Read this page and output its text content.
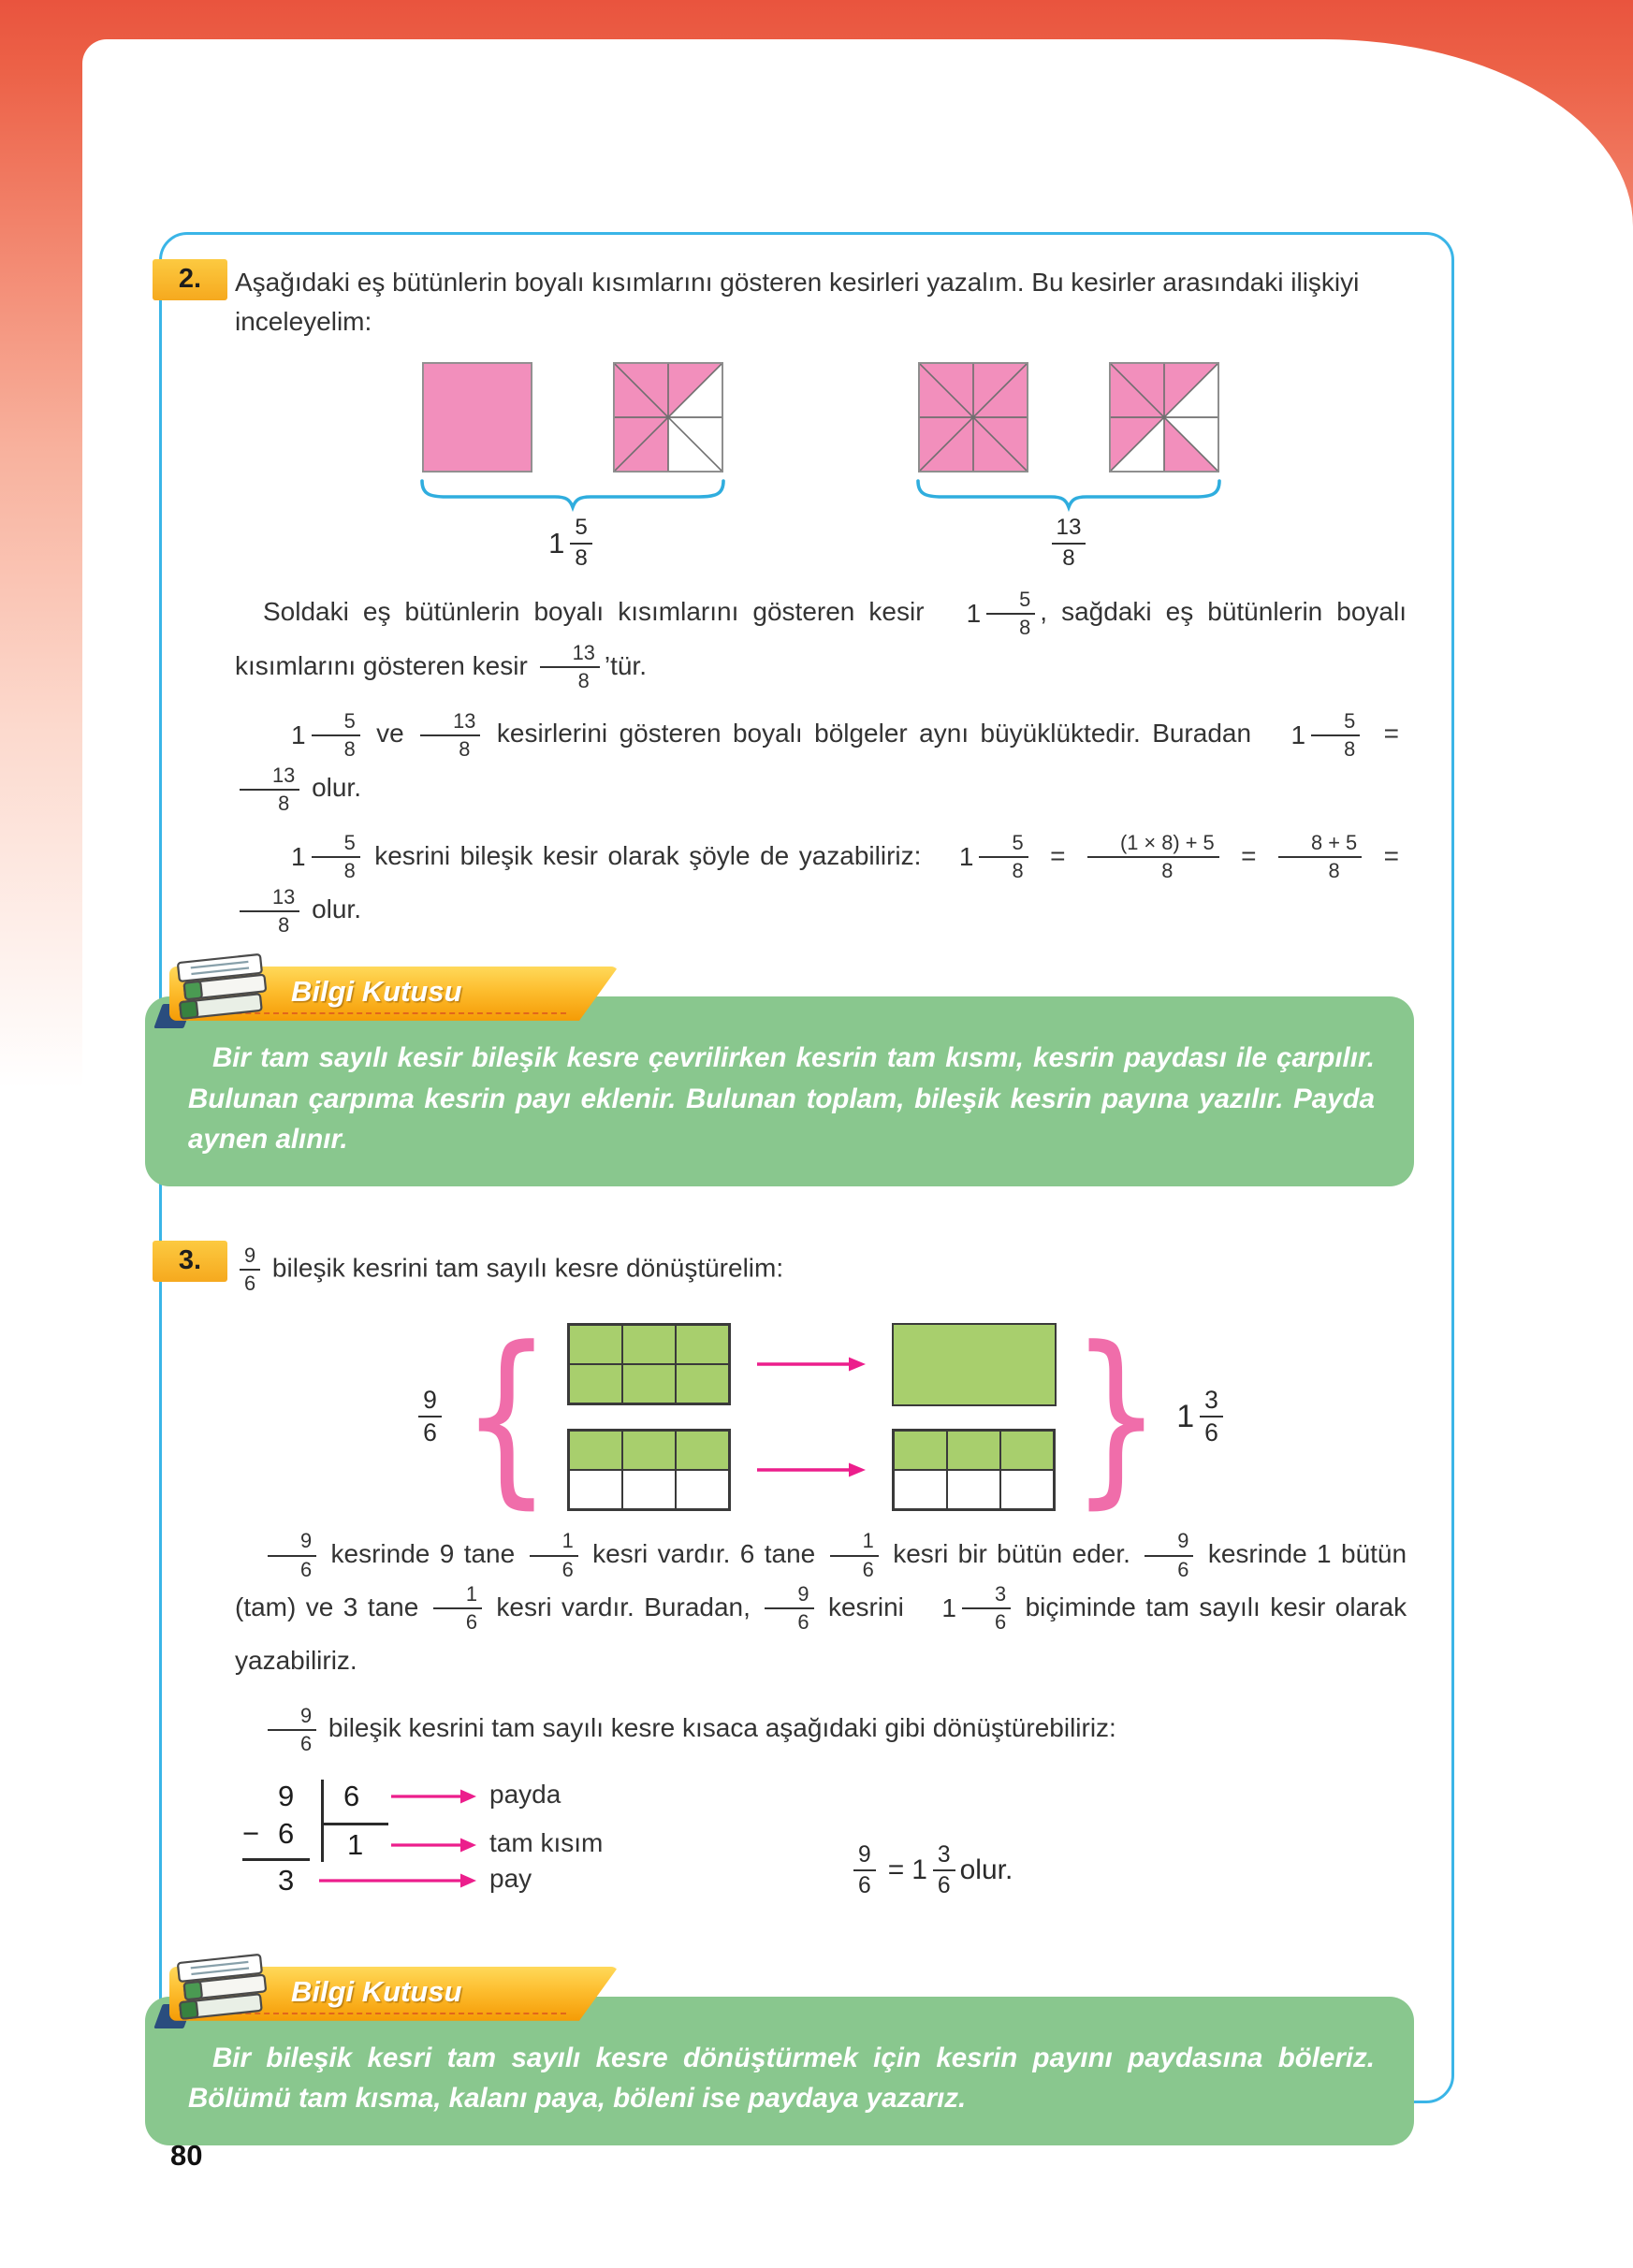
2.	Aşağıdaki eş bütünlerin boyalı kısımlarını gösteren kesirleri yazalım. Bu kesirler arasındaki ilişkiyi inceleyelim:

1 5
8	$\frac{13}{8}$

Soldaki eş bütünlerin boyalı kısımlarını gösteren kesir	1	5
8
, sağdaki eş bütünlerin boyalı kısımlarını gösteren kesir $\frac{13}{8}$ ’tür.

1	5
8
ve $\frac{13}{8}$ kesirlerini gösteren boyalı bölgeler aynı büyüklüktedir. Buradan	1	5
8
=
$\frac{13}{8}$ olur.

1	5
8
kesrini bileşik kesir olarak şöyle de yazabiliriz:	1	5
8
= $\frac{(1 \times 8) + 5}{8} = \frac{8 + 5}{8}$ =
$\frac{13}{8}$ olur.

Bilgi Kutusu

Bir tam sayılı kesir bileşik kesre çevrilirken kesrin tam kısmı, kesrin paydası ile çarpılır. Bulunan çarpıma kesrin payı eklenir. Bulunan toplam, bileşik kesrin payına yazılır. Payda aynen alınır.

3.	$\frac{9}{6}$ bileşik kesrini tam sayılı kesre dönüştürelim:

$\frac{9}{6}$ {	} 1 3
6

$\frac{9}{6}$ kesrinde 9 tane $\frac{1}{6}$ kesri vardır. 6 tane $\frac{1}{6}$ kesri bir bütün eder. $\frac{9}{6}$ kesrinde 1 bütün (tam) ve 3 tane $\frac{1}{6}$ kesri vardır. Buradan, $\frac{9}{6}$ kesrini	1	3
6
biçiminde tam sayılı kesir olarak yazabiliriz.

$\frac{9}{6}$ bileşik kesrini tam sayılı kesre kısaca aşağıdaki gibi dönüştürebiliriz:

9 6
1
− 6
3
payda
tam kısım
pay	$\frac{9}{6} = 1$ 3
6
olur.
Bilgi Kutusu

Bir bileşik kesri tam sayılı kesre dönüştürmek için kesrin payını paydasına böleriz. Bölümü tam kısma, kalanı paya, böleni ise paydaya yazarız.

80
